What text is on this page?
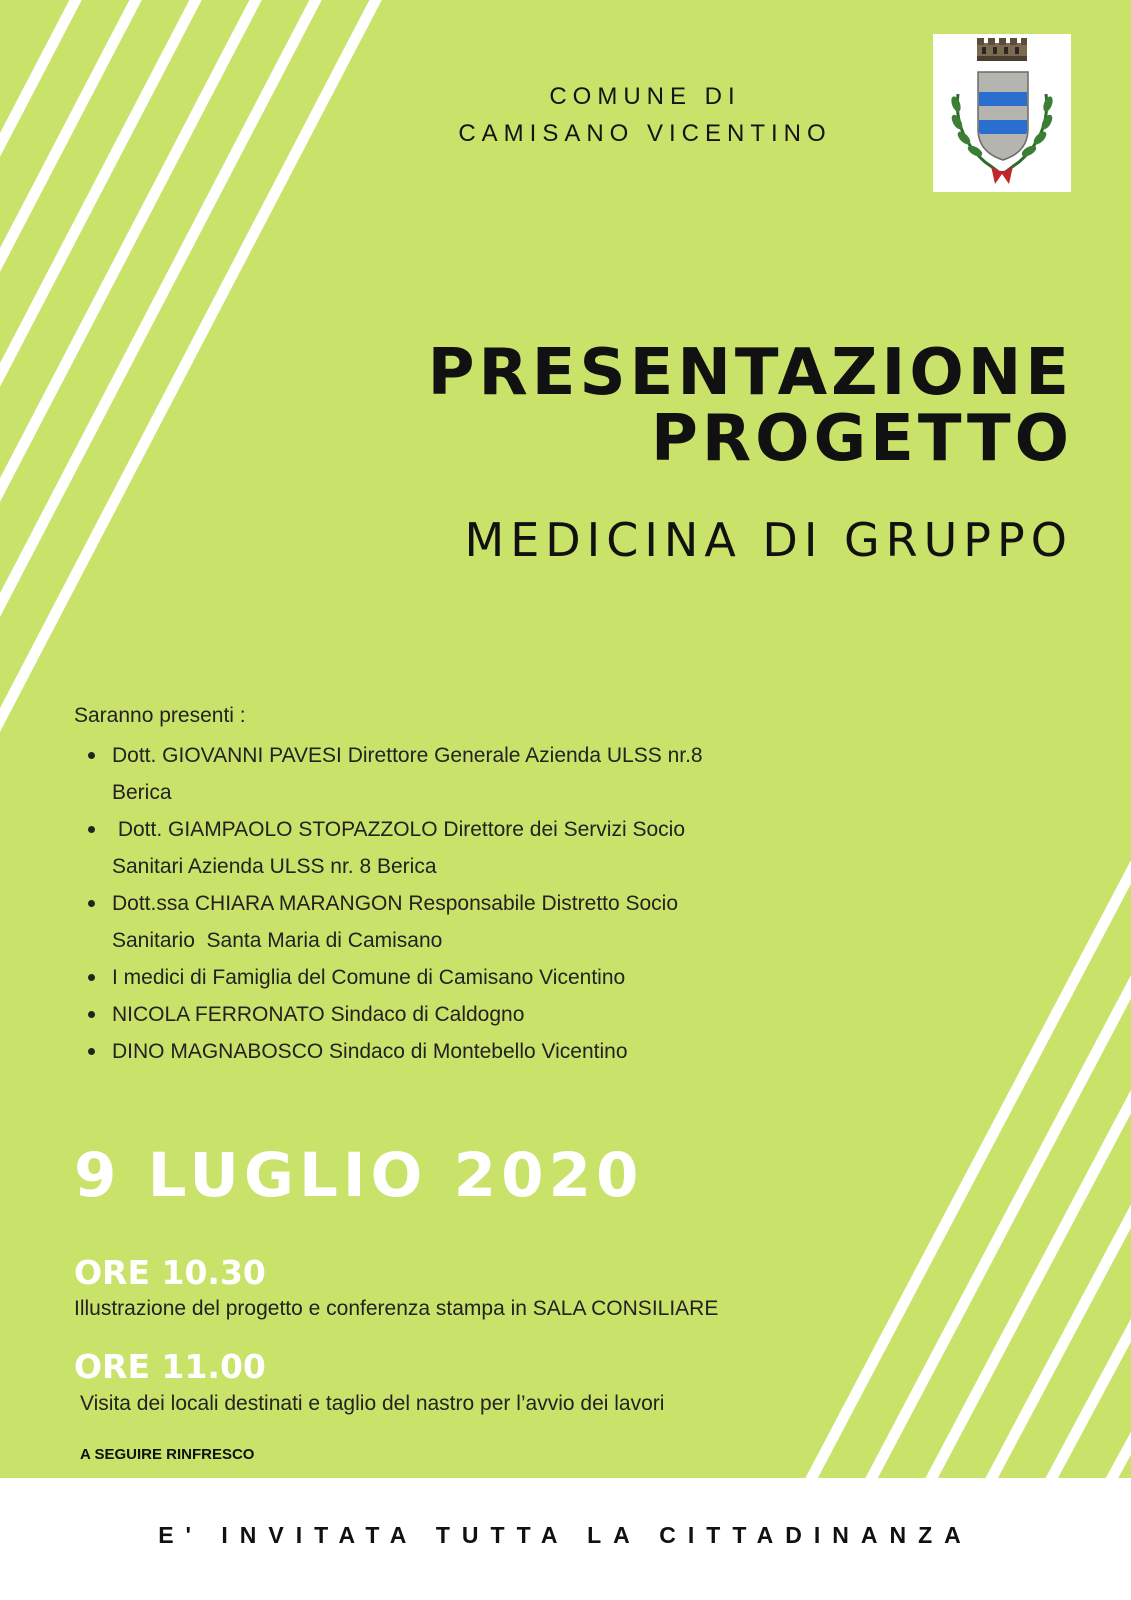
COMUNE DI
CAMISANO VICENTINO
PRESENTAZIONE
PROGETTO
MEDICINA DI GRUPPO
Saranno presenti :
Dott. GIOVANNI PAVESI Direttore Generale Azienda ULSS nr.8
Berica
Dott. GIAMPAOLO STOPAZZOLO Direttore dei Servizi Socio
Sanitari Azienda ULSS nr. 8 Berica
Dott.ssa CHIARA MARANGON Responsabile Distretto Socio
Sanitario  Santa Maria di Camisano
I medici di Famiglia del Comune di Camisano Vicentino
NICOLA FERRONATO Sindaco di Caldogno
DINO MAGNABOSCO Sindaco di Montebello Vicentino
9 LUGLIO 2020
ORE 10.30
Illustrazione del progetto e conferenza stampa in SALA CONSILIARE
ORE 11.00
Visita dei locali destinati e taglio del nastro per l’avvio dei lavori
A SEGUIRE RINFRESCO
E' INVITATA TUTTA LA CITTADINANZA
